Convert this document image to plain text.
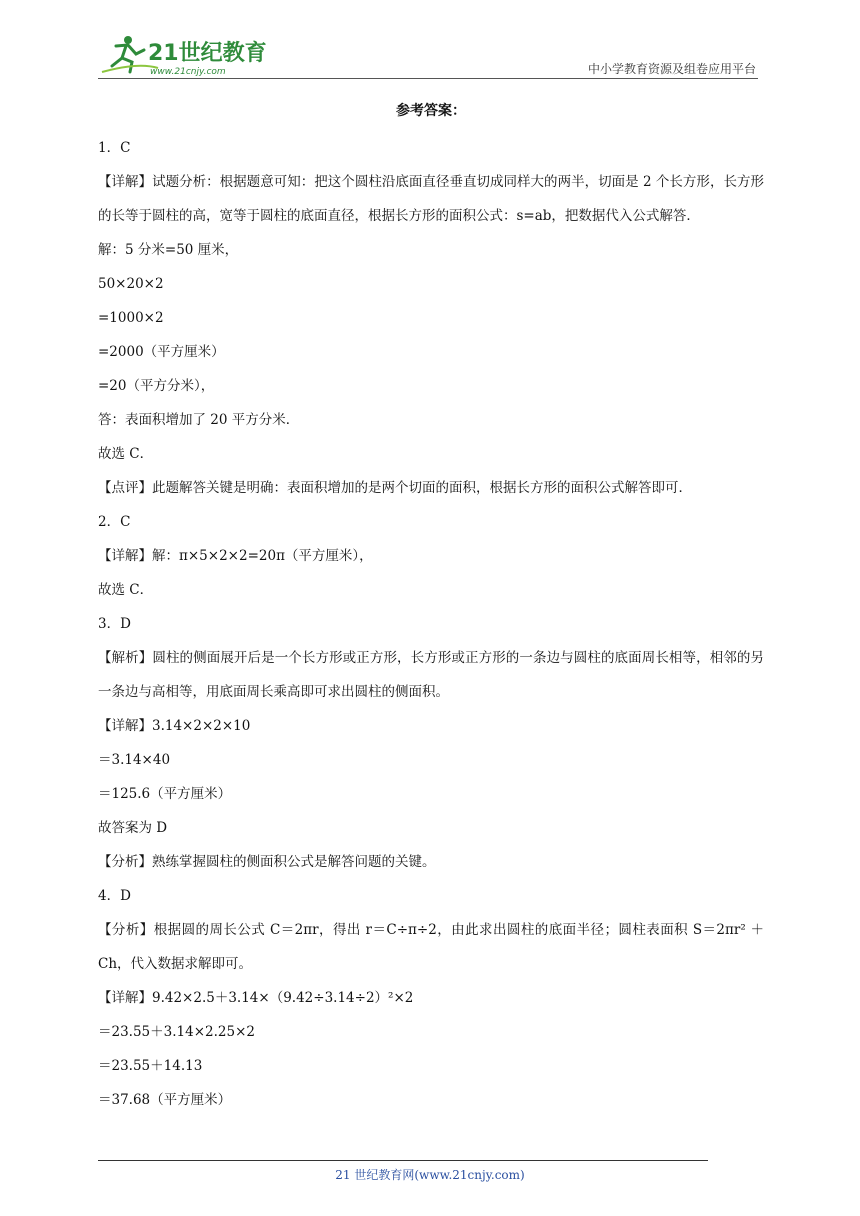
21世纪教育
www.21cnjy.com	中小学教育资源及组卷应用平台
参考答案：
1．C
【详解】试题分析：根据题意可知：把这个圆柱沿底面直径垂直切成同样大的两半，切面是 2 个长方形，长方形的长等于圆柱的高，宽等于圆柱的底面直径，根据长方形的面积公式：s=ab，把数据代入公式解答．
解：5 分米=50 厘米，
50×20×2
=1000×2
=2000（平方厘米）
=20（平方分米），
答：表面积增加了 20 平方分米．
故选 C．
【点评】此题解答关键是明确：表面积增加的是两个切面的面积，根据长方形的面积公式解答即可．
2．C
【详解】解：π×5×2×2=20π（平方厘米），
故选 C．
3．D
【解析】圆柱的侧面展开后是一个长方形或正方形，长方形或正方形的一条边与圆柱的底面周长相等，相邻的另一条边与高相等，用底面周长乘高即可求出圆柱的侧面积。
【详解】3.14×2×2×10
＝3.14×40
＝125.6（平方厘米）
故答案为 D
【分析】熟练掌握圆柱的侧面积公式是解答问题的关键。
4．D
【分析】根据圆的周长公式 C＝2πr，得出 r＝C÷π÷2，由此求出圆柱的底面半径；圆柱表面积 S＝2πr² ＋Ch，代入数据求解即可。
【详解】9.42×2.5＋3.14×（9.42÷3.14÷2）²×2
＝23.55＋3.14×2.25×2
＝23.55＋14.13
＝37.68（平方厘米）
21 世纪教育网(www.21cnjy.com)
